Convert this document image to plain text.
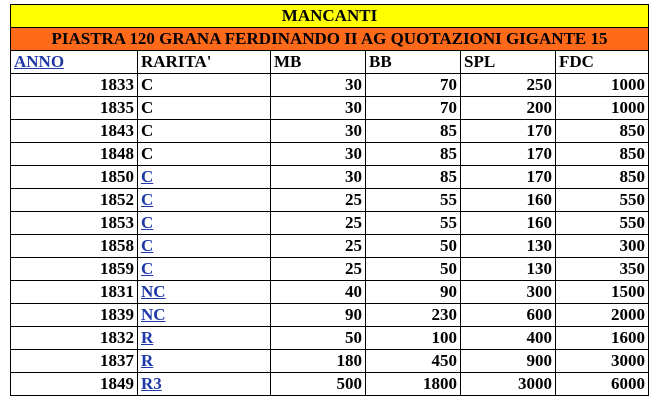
MANCANTI					
PIASTRA 120 GRANA FERDINANDO II AG QUOTAZIONI GIGANTE 15					
ANNO	RARITA'	MB	BB	SPL	FDC
1833	C	30	70	250	1000
1835	C	30	70	200	1000
1843	C	30	85	170	850
1848	C	30	85	170	850
1850	C	30	85	170	850
1852	C	25	55	160	550
1853	C	25	55	160	550
1858	C	25	50	130	300
1859	C	25	50	130	350
1831	NC	40	90	300	1500
1839	NC	90	230	600	2000
1832	R	50	100	400	1600
1837	R	180	450	900	3000
1849	R3	500	1800	3000	6000
